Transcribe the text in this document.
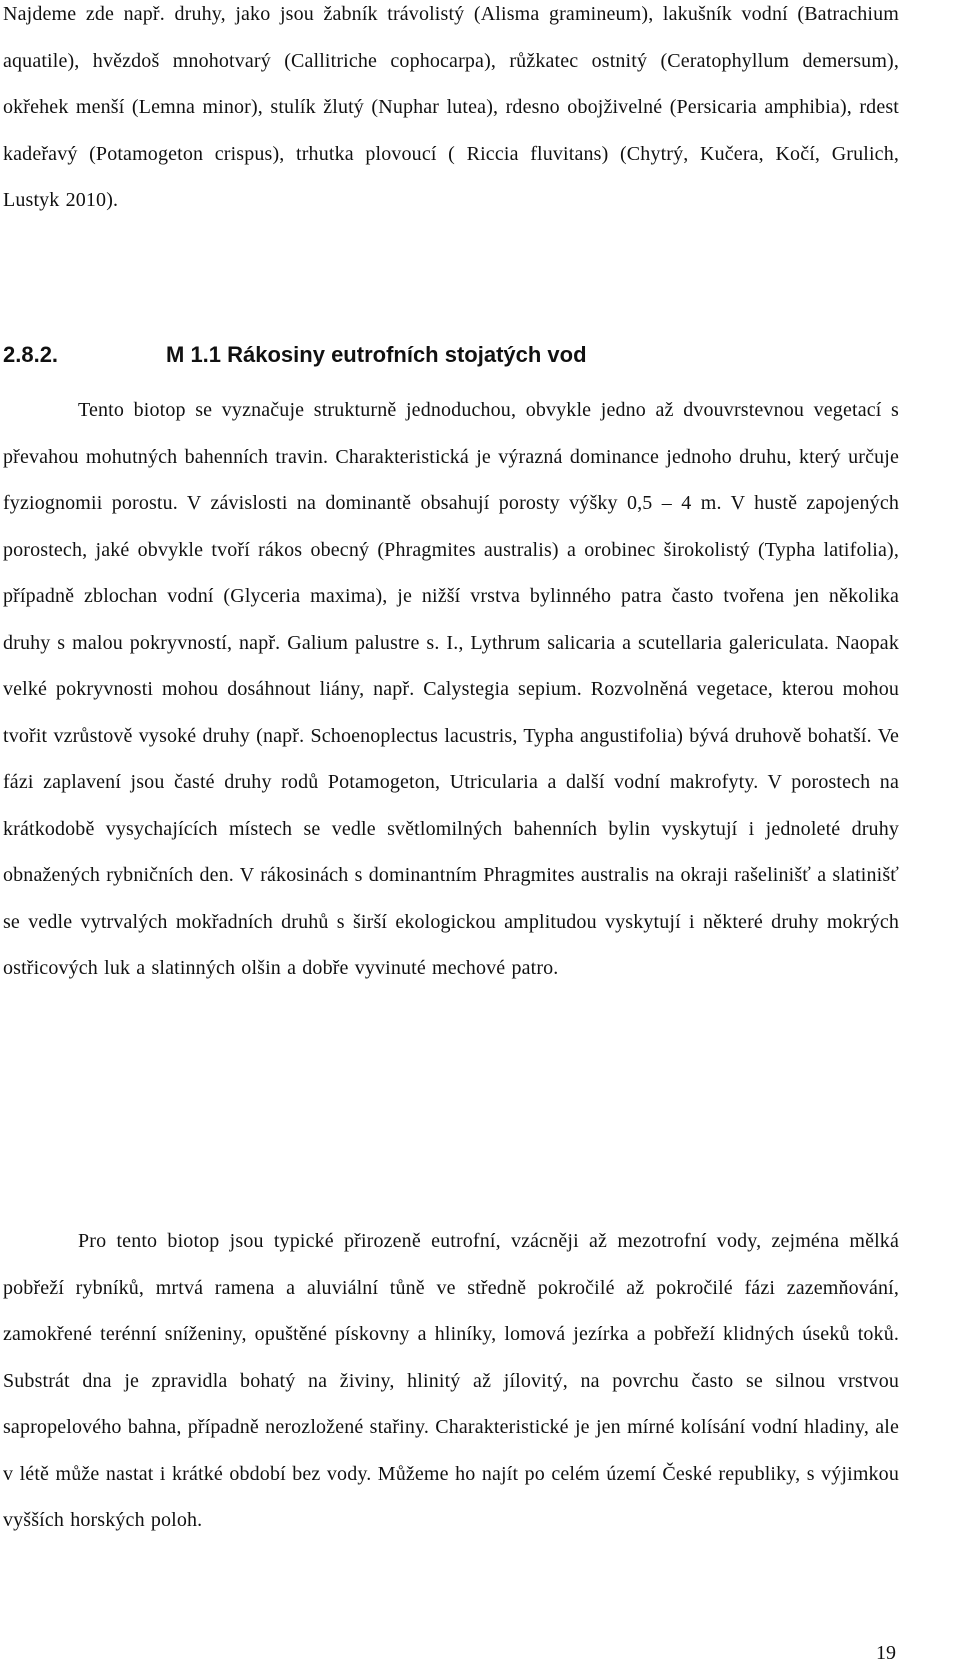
Najdeme zde např. druhy, jako jsou žabník trávolistý (Alisma gramineum), lakušník vodní (Batrachium aquatile), hvězdoš mnohotvarý (Callitriche cophocarpa), růžkatec ostnitý (Ceratophyllum demersum), okřehek menší (Lemna minor), stulík žlutý (Nuphar lutea), rdesno obojživelné (Persicaria amphibia), rdest kadeřavý (Potamogeton crispus), trhutka plovoucí ( Riccia fluvitans) (Chytrý, Kučera, Kočí, Grulich, Lustyk 2010).

2.8.2.	M 1.1 Rákosiny eutrofních stojatých vod

Tento biotop se vyznačuje strukturně jednoduchou, obvykle jedno až dvouvrstevnou vegetací s převahou mohutných bahenních travin. Charakteristická je výrazná dominance jednoho druhu, který určuje fyziognomii porostu. V závislosti na dominantě obsahují porosty výšky 0,5 – 4 m. V hustě zapojených porostech, jaké obvykle tvoří rákos obecný (Phragmites australis) a orobinec širokolistý (Typha latifolia), případně zblochan vodní (Glyceria maxima), je nižší vrstva bylinného patra často tvořena jen několika druhy s malou pokryvností, např. Galium palustre s. I., Lythrum salicaria a scutellaria galericulata. Naopak velké pokryvnosti mohou dosáhnout liány, např. Calystegia sepium. Rozvolněná vegetace, kterou mohou tvořit vzrůstově vysoké druhy (např. Schoenoplectus lacustris, Typha angustifolia) bývá druhově bohatší. Ve fázi zaplavení jsou časté druhy rodů Potamogeton, Utricularia a další vodní makrofyty. V porostech na krátkodobě vysychajících místech se vedle světlomilných bahenních bylin vyskytují i jednoleté druhy obnažených rybničních den. V rákosinách s dominantním Phragmites australis na okraji rašelinišť a slatinišť se vedle vytrvalých mokřadních druhů s širší ekologickou amplitudou vyskytují i některé druhy mokrých ostřicových luk a slatinných olšin a dobře vyvinuté mechové patro.

Pro tento biotop jsou typické přirozeně eutrofní, vzácněji až mezotrofní vody, zejména mělká pobřeží rybníků, mrtvá ramena a aluviální tůně ve středně pokročilé až pokročilé fázi zazemňování, zamokřené terénní sníženiny, opuštěné pískovny a hliníky, lomová jezírka a pobřeží klidných úseků toků. Substrát dna je zpravidla bohatý na živiny, hlinitý až jílovitý, na povrchu často se silnou vrstvou sapropelového bahna, případně nerozložené stařiny. Charakteristické je jen mírné kolísání vodní hladiny, ale v létě může nastat i krátké období bez vody. Můžeme ho najít po celém území České republiky, s výjimkou vyšších horských poloh.

19
